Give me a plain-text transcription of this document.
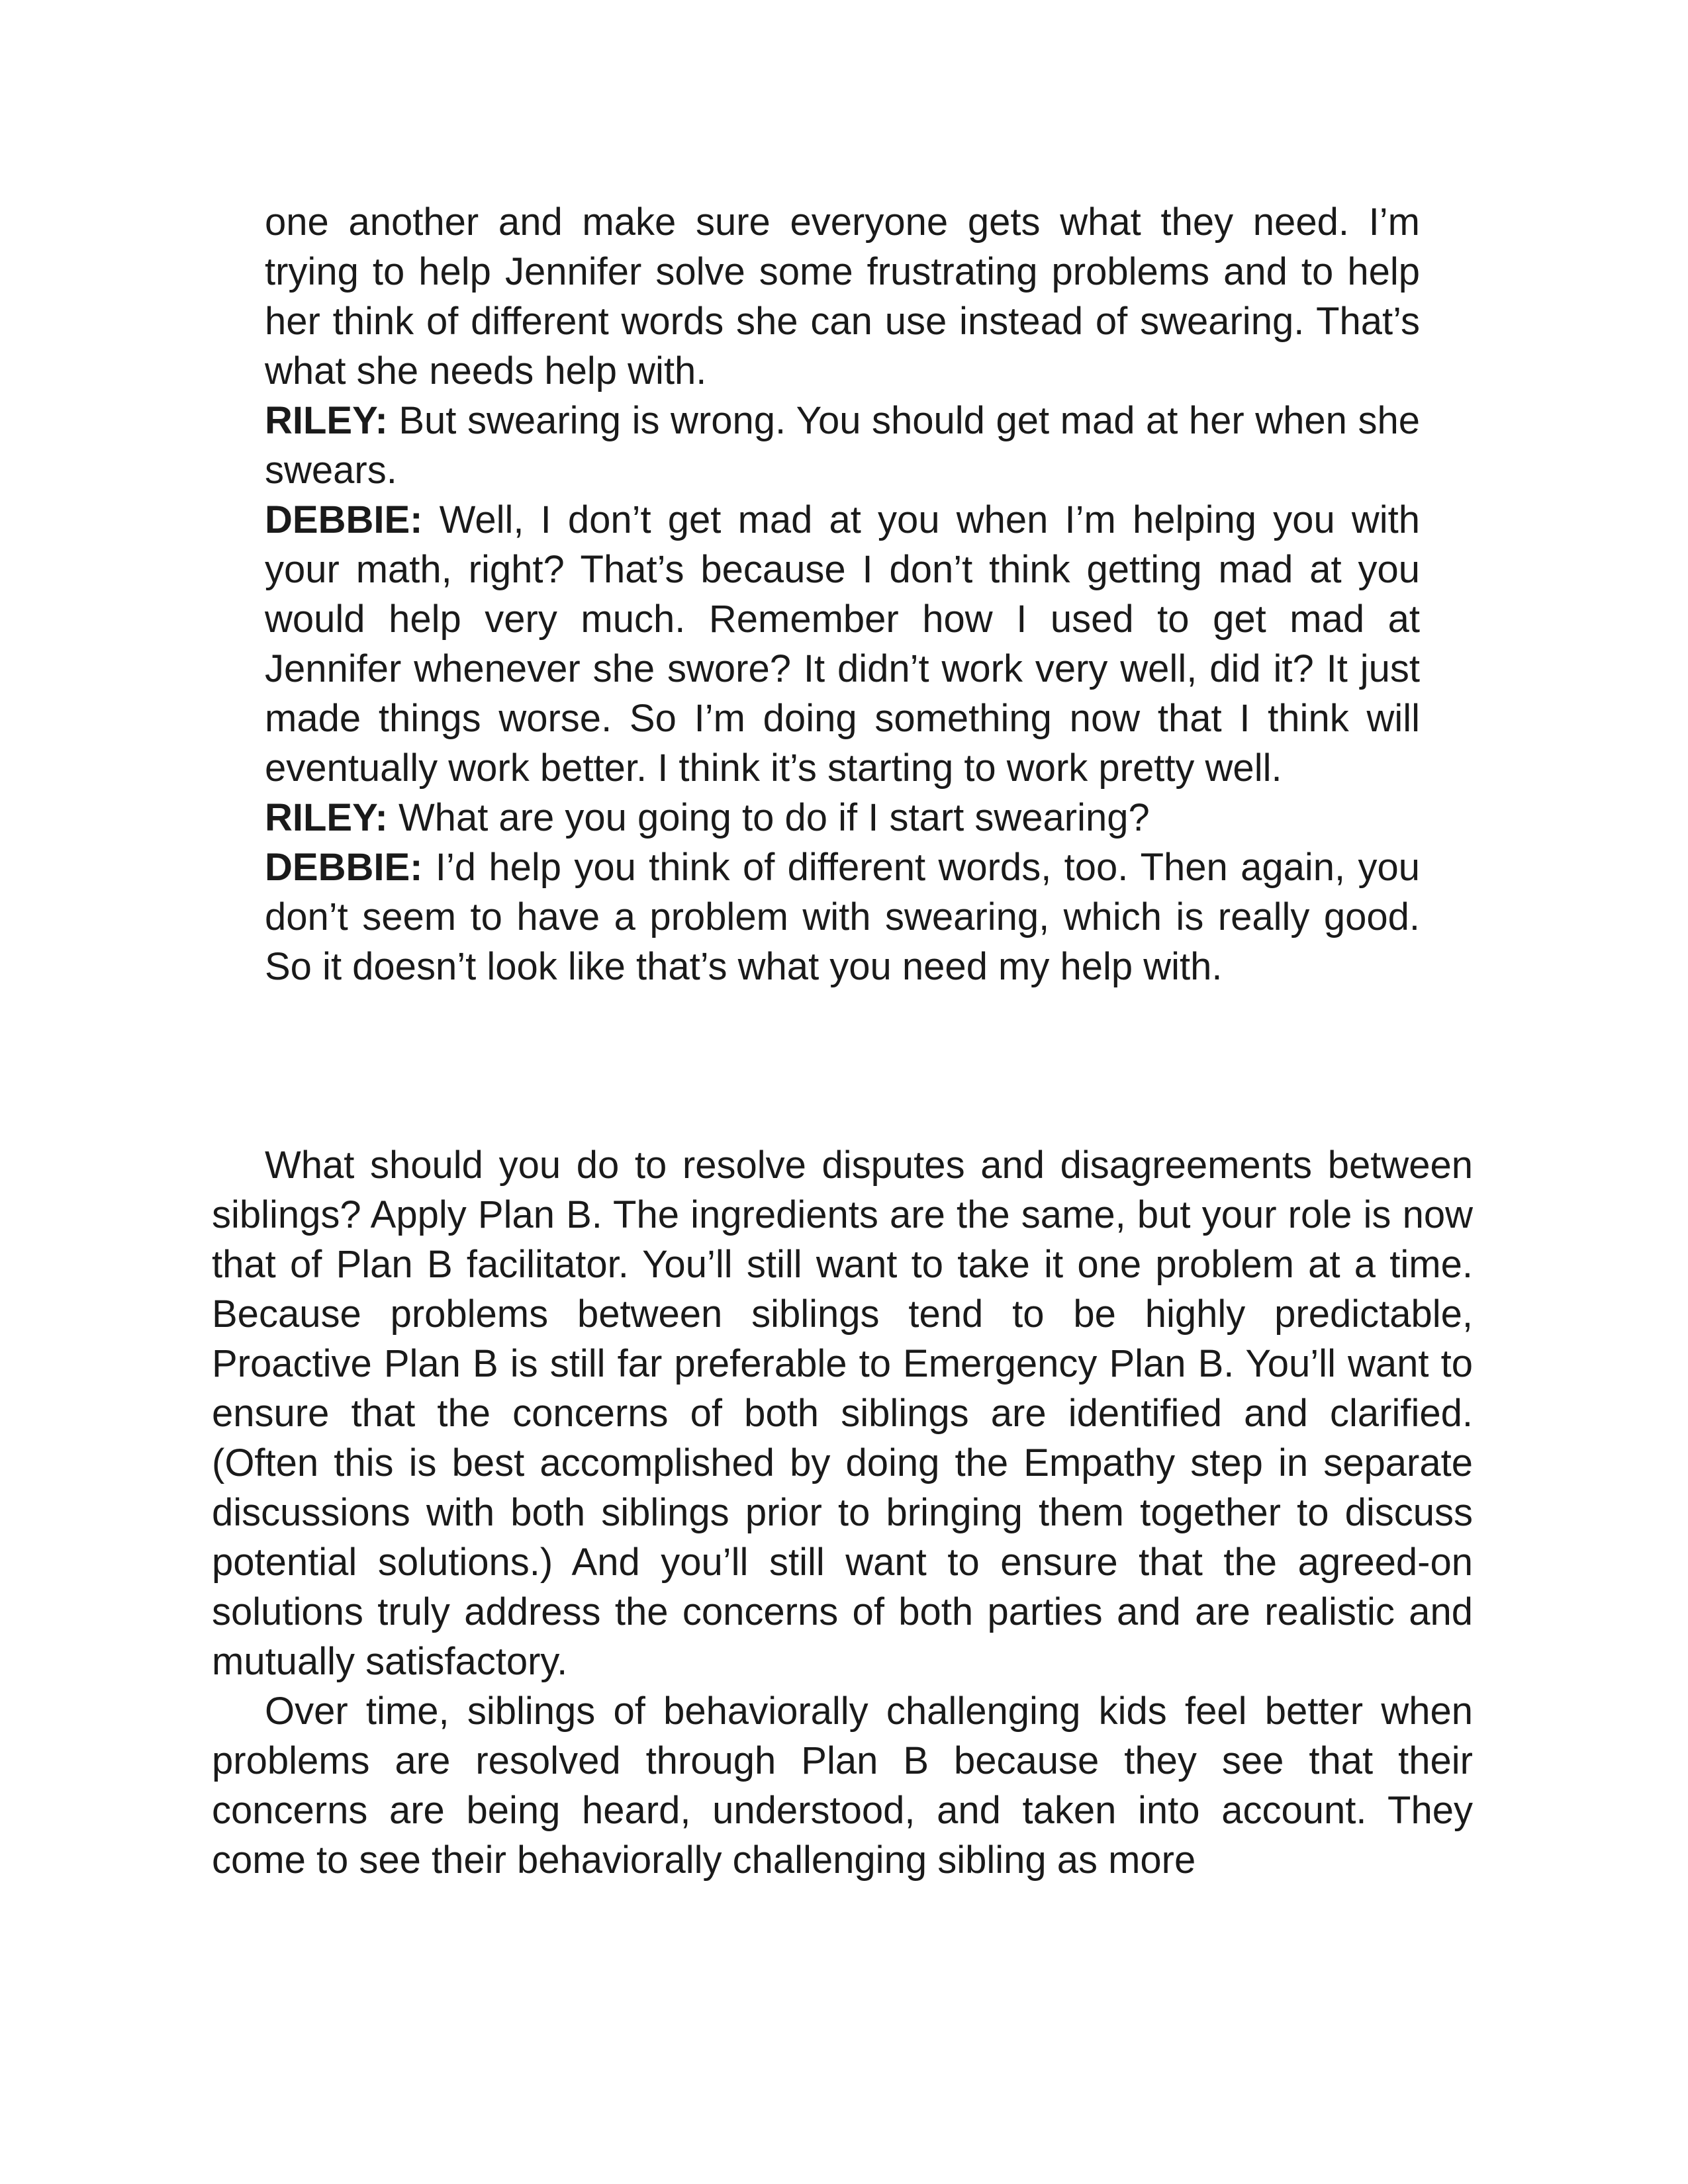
one another and make sure everyone gets what they need. I’m trying to help Jennifer solve some frustrating problems and to help her think of different words she can use instead of swearing. That’s what she needs help with.

RILEY: But swearing is wrong. You should get mad at her when she swears.

DEBBIE: Well, I don’t get mad at you when I’m helping you with your math, right? That’s because I don’t think getting mad at you would help very much. Remember how I used to get mad at Jennifer whenever she swore? It didn’t work very well, did it? It just made things worse. So I’m doing something now that I think will eventually work better. I think it’s starting to work pretty well.

RILEY: What are you going to do if I start swearing?

DEBBIE: I’d help you think of different words, too. Then again, you don’t seem to have a problem with swearing, which is really good. So it doesn’t look like that’s what you need my help with.

What should you do to resolve disputes and disagreements between siblings? Apply Plan B. The ingredients are the same, but your role is now that of Plan B facilitator. You’ll still want to take it one problem at a time. Because problems between siblings tend to be highly predictable, Proactive Plan B is still far preferable to Emergency Plan B. You’ll want to ensure that the concerns of both siblings are identified and clarified. (Often this is best accomplished by doing the Empathy step in separate discussions with both siblings prior to bringing them together to discuss potential solutions.) And you’ll still want to ensure that the agreed-on solutions truly address the concerns of both parties and are realistic and mutually satisfactory.

Over time, siblings of behaviorally challenging kids feel better when problems are resolved through Plan B because they see that their concerns are being heard, understood, and taken into account. They come to see their behaviorally challenging sibling as more
